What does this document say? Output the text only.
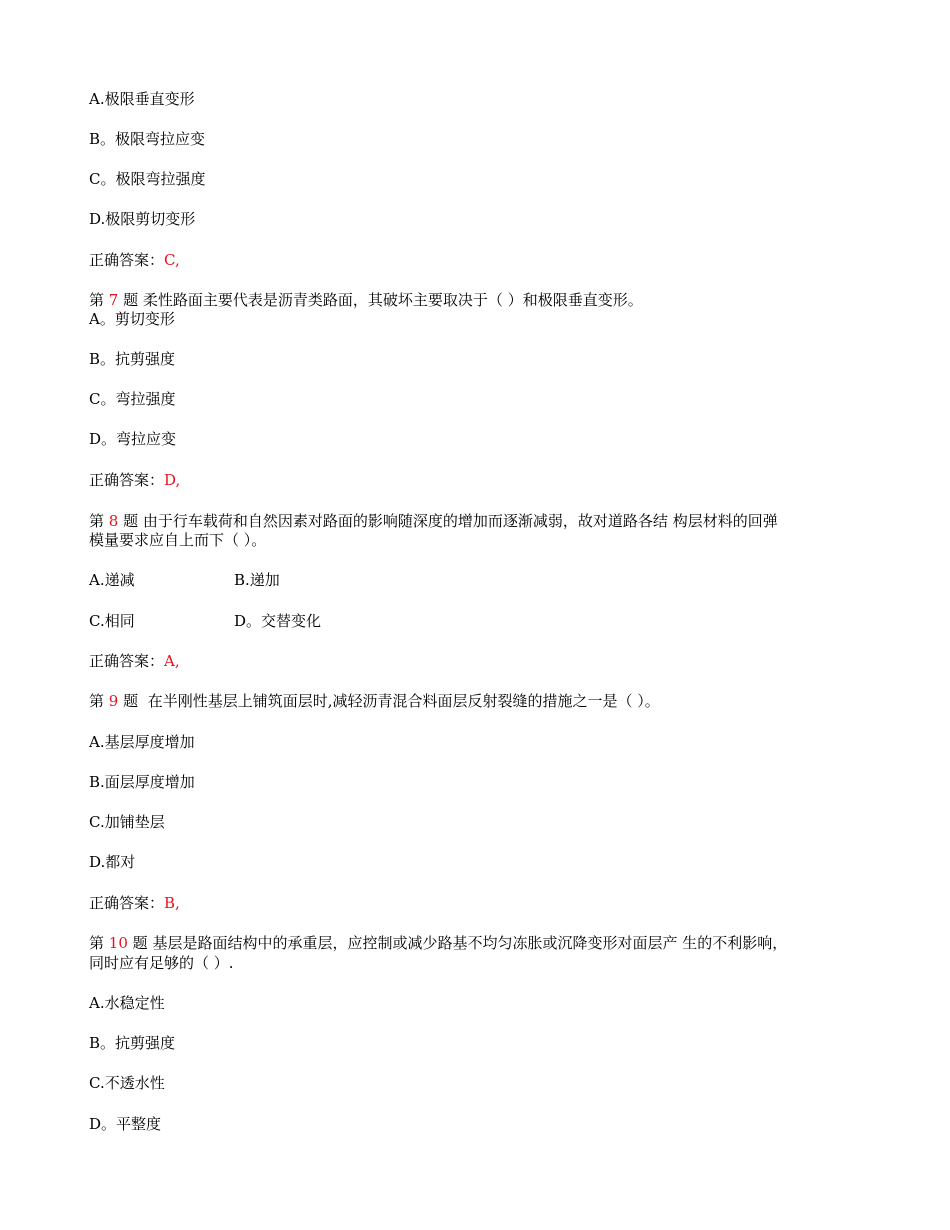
A.极限垂直变形
B。极限弯拉应变
C。极限弯拉强度
D.极限剪切变形
正确答案：C,
第 7 题 柔性路面主要代表是沥青类路面，其破坏主要取决于（ ）和极限垂直变形。
A。剪切变形
B。抗剪强度
C。弯拉强度
D。弯拉应变
正确答案：D,
第 8 题 由于行车载荷和自然因素对路面的影响随深度的增加而逐渐减弱，故对道路各结 构层材料的回弹
模量要求应自上而下（ ）。
A.递减	B.递加
C.相同	D。交替变化
正确答案：A,
第 9 题 在半刚性基层上铺筑面层时,减轻沥青混合料面层反射裂缝的措施之一是（ ）。
A.基层厚度增加
B.面层厚度增加
C.加铺垫层
D.都对
正确答案：B,
第 10 题 基层是路面结构中的承重层，应控制或减少路基不均匀冻胀或沉降变形对面层产 生的不利影响，
同时应有足够的（ ）.
A.水稳定性
B。抗剪强度
C.不透水性
D。平整度
